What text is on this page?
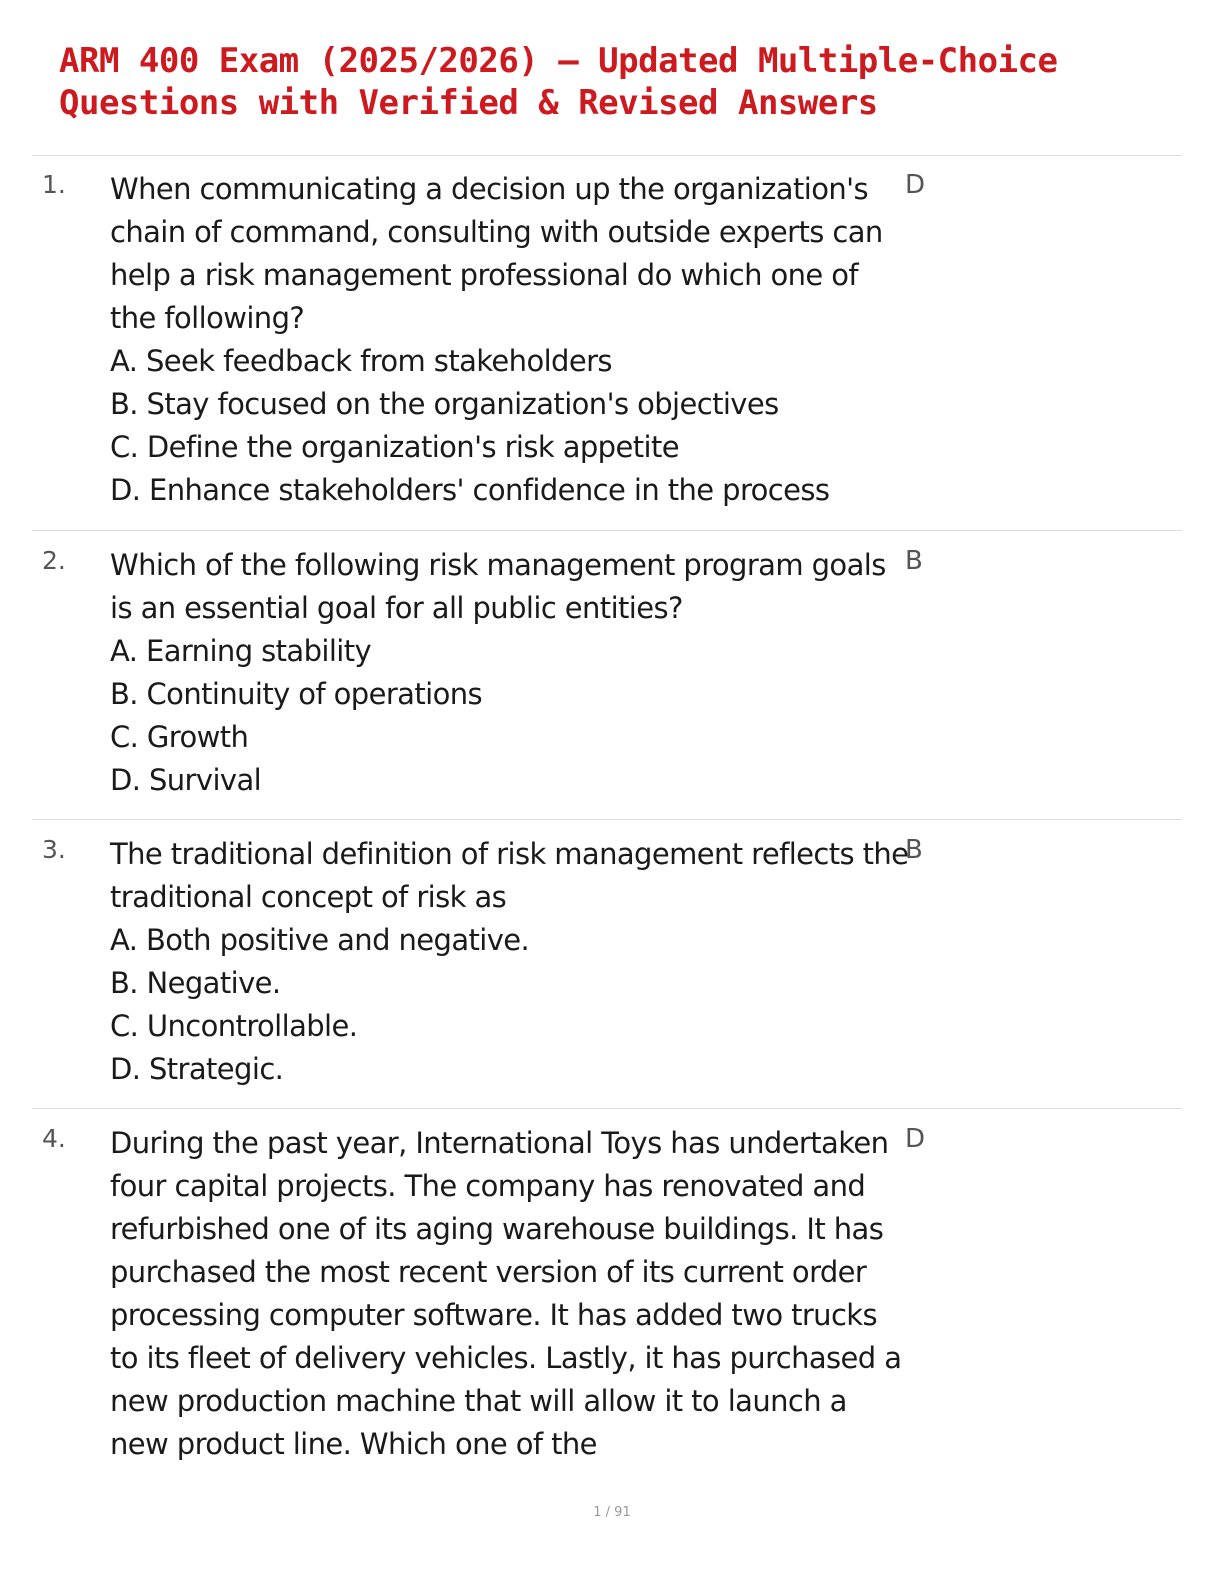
ARM 400 Exam (2025/2026) – Updated Multiple-Choice Questions with Verified & Revised Answers
1. When communicating a decision up the organization's chain of command, consulting with outside experts can help a risk management professional do which one of the following?

A. Seek feedback from stakeholders

B. Stay focused on the organization's objectives

C. Define the organization's risk appetite

D. Enhance stakeholders' confidence in the process

D
2. Which of the following risk management program goals is an essential goal for all public entities?

A. Earning stability

B. Continuity of operations

C. Growth

D. Survival

B
3. The traditional definition of risk management reflects the traditional concept of risk as

A. Both positive and negative.

B. Negative.

C. Uncontrollable.

D. Strategic.

B
4. During the past year, International Toys has undertaken four capital projects. The company has renovated and refurbished one of its aging warehouse buildings. It has purchased the most recent version of its current order processing computer software. It has added two trucks to its fleet of delivery vehicles. Lastly, it has purchased a new production machine that will allow it to launch a new product line. Which one of the

D
1 / 91
